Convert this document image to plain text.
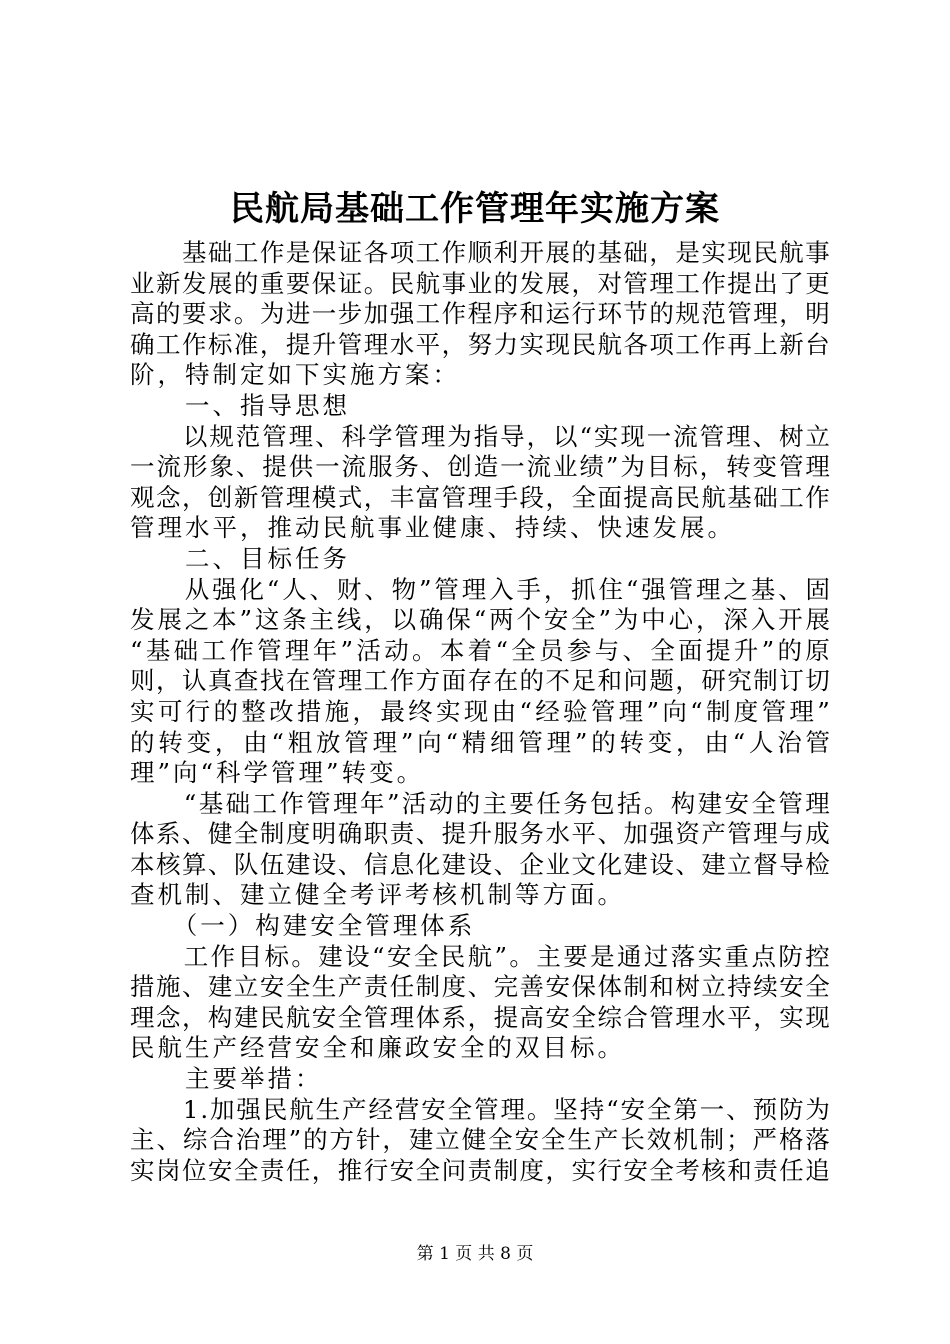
民航局基础工作管理年实施方案

基 础 工 作 是 保 证 各 项 工 作 顺 利 开 展 的 基 础 ， 是 实 现 民 航 事
业 新 发 展 的 重 要 保 证 。 民 航 事 业 的 发 展 ， 对 管 理 工 作 提 出 了 更
高 的 要 求 。 为 进 一 步 加 强 工 作 程 序 和 运 行 环 节 的 规 范 管 理 ， 明
确 工 作 标 准 ， 提 升 管 理 水 平 ， 努 力 实 现 民 航 各 项 工 作 再 上 新 台
阶，特制定如下实施方案：
　　一、指导思想

以 规 范 管 理 、 科 学 管 理 为 指 导 ， 以 “ 实 现 一 流 管 理 、 树 立
一 流 形 象 、 提 供 一 流 服 务 、 创 造 一 流 业 绩 ” 为 目 标 ， 转 变 管 理
观 念 ， 创 新 管 理 模 式 ， 丰 富 管 理 手 段 ， 全 面 提 高 民 航 基 础 工 作
管理水平，推动民航事业健康、持续、快速发展。
　　二、目标任务

从 强 化 “ 人 、 财 、 物 ” 管 理 入 手 ， 抓 住 “ 强 管 理 之 基 、 固
发 展 之 本 ” 这 条 主 线 ， 以 确 保 “ 两 个 安 全 ” 为 中 心 ， 深 入 开 展
“ 基 础 工 作 管 理 年 ” 活 动 。 本 着 “ 全 员 参 与 、 全 面 提 升 ” 的 原
则 ， 认 真 查 找 在 管 理 工 作 方 面 存 在 的 不 足 和 问 题 ， 研 究 制 订 切
实 可 行 的 整 改 措 施 ， 最 终 实 现 由 “ 经 验 管 理 ” 向 “ 制 度 管 理 ”
的 转 变 ， 由 “ 粗 放 管 理 ” 向 “ 精 细 管 理 ” 的 转 变 ， 由 “ 人 治 管
理”向“科学管理”转变。

“ 基 础 工 作 管 理 年 ” 活 动 的 主 要 任 务 包 括 。 构 建 安 全 管 理
体 系 、 健 全 制 度 明 确 职 责 、 提 升 服 务 水 平 、 加 强 资 产 管 理 与 成
本 核 算 、 队 伍 建 设 、 信 息 化 建 设 、 企 业 文 化 建 设 、 建 立 督 导 检
查机制、建立健全考评考核机制等方面。
　　（一）构建安全管理体系

工 作 目 标 。 建 设 “ 安 全 民 航 ” 。 主 要 是 通 过 落 实 重 点 防 控
措 施 、 建 立 安 全 生 产 责 任 制 度 、 完 善 安 保 体 制 和 树 立 持 续 安 全
理 念 ， 构 建 民 航 安 全 管 理 体 系 ， 提 高 安 全 综 合 管 理 水 平 ， 实 现
民航生产经营安全和廉政安全的双目标。
　　主要举措：

1 . 加 强 民 航 生 产 经 营 安 全 管 理 。 坚 持 “ 安 全 第 一 、 预 防 为
主 、 综 合 治 理 ” 的 方 针 ， 建 立 健 全 安 全 生 产 长 效 机 制 ； 严 格 落
实 岗 位 安 全 责 任 ， 推 行 安 全 问 责 制 度 ， 实 行 安 全 考 核 和 责 任 追
第 1 页 共 8 页
